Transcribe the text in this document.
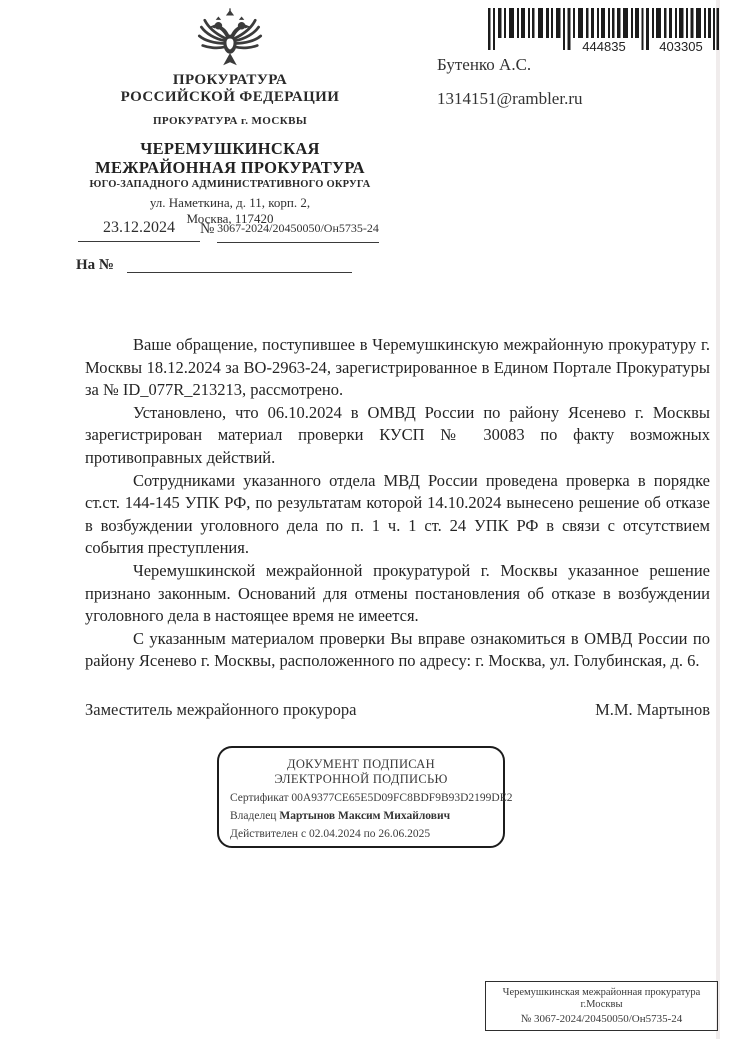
ПРОКУРАТУРА
РОССИЙСКОЙ ФЕДЕРАЦИИ
ПРОКУРАТУРА г. МОСКВЫ
ЧЕРЕМУШКИНСКАЯ
МЕЖРАЙОННАЯ ПРОКУРАТУРА
ЮГО-ЗАПАДНОГО АДМИНИСТРАТИВНОГО ОКРУГА
ул. Наметкина, д. 11, корп. 2,
Москва, 117420
444835	403305
Бутенко А.С.
1314151@rambler.ru
23.12.2024	№ 3067-2024/20450050/Он5735-24
На №

Ваше обращение, поступившее в Черемушкинскую межрайонную прокуратуру г. Москвы 18.12.2024 за ВО-2963-24, зарегистрированное в Едином Портале Прокуратуры за № ID_077R_213213, рассмотрено.

Установлено, что 06.10.2024 в ОМВД России по району Ясенево г. Москвы зарегистрирован материал проверки КУСП № 30083 по факту возможных противоправных действий.

Сотрудниками указанного отдела МВД России проведена проверка в порядке ст.ст. 144-145 УПК РФ, по результатам которой 14.10.2024 вынесено решение об отказе в возбуждении уголовного дела по п. 1 ч. 1 ст. 24 УПК РФ в связи с отсутствием события преступления.

Черемушкинской межрайонной прокуратурой г. Москвы указанное решение признано законным. Оснований для отмены постановления об отказе в возбуждении уголовного дела в настоящее время не имеется.

С указанным материалом проверки Вы вправе ознакомиться в ОМВД России по району Ясенево г. Москвы, расположенного по адресу: г. Москва, ул. Голубинская, д. 6.

Заместитель межрайонного прокурора	М.М. Мартынов
ДОКУМЕНТ ПОДПИСАН
ЭЛЕКТРОННОЙ ПОДПИСЬЮ
Сертификат 00A9377CE65E5D09FC8BDF9B93D2199DE2
Владелец Мартынов Максим Михайлович
Действителен с 02.04.2024 по 26.06.2025
Черемушкинская межрайонная прокуратура
г.Москвы
№ 3067-2024/20450050/Он5735-24
